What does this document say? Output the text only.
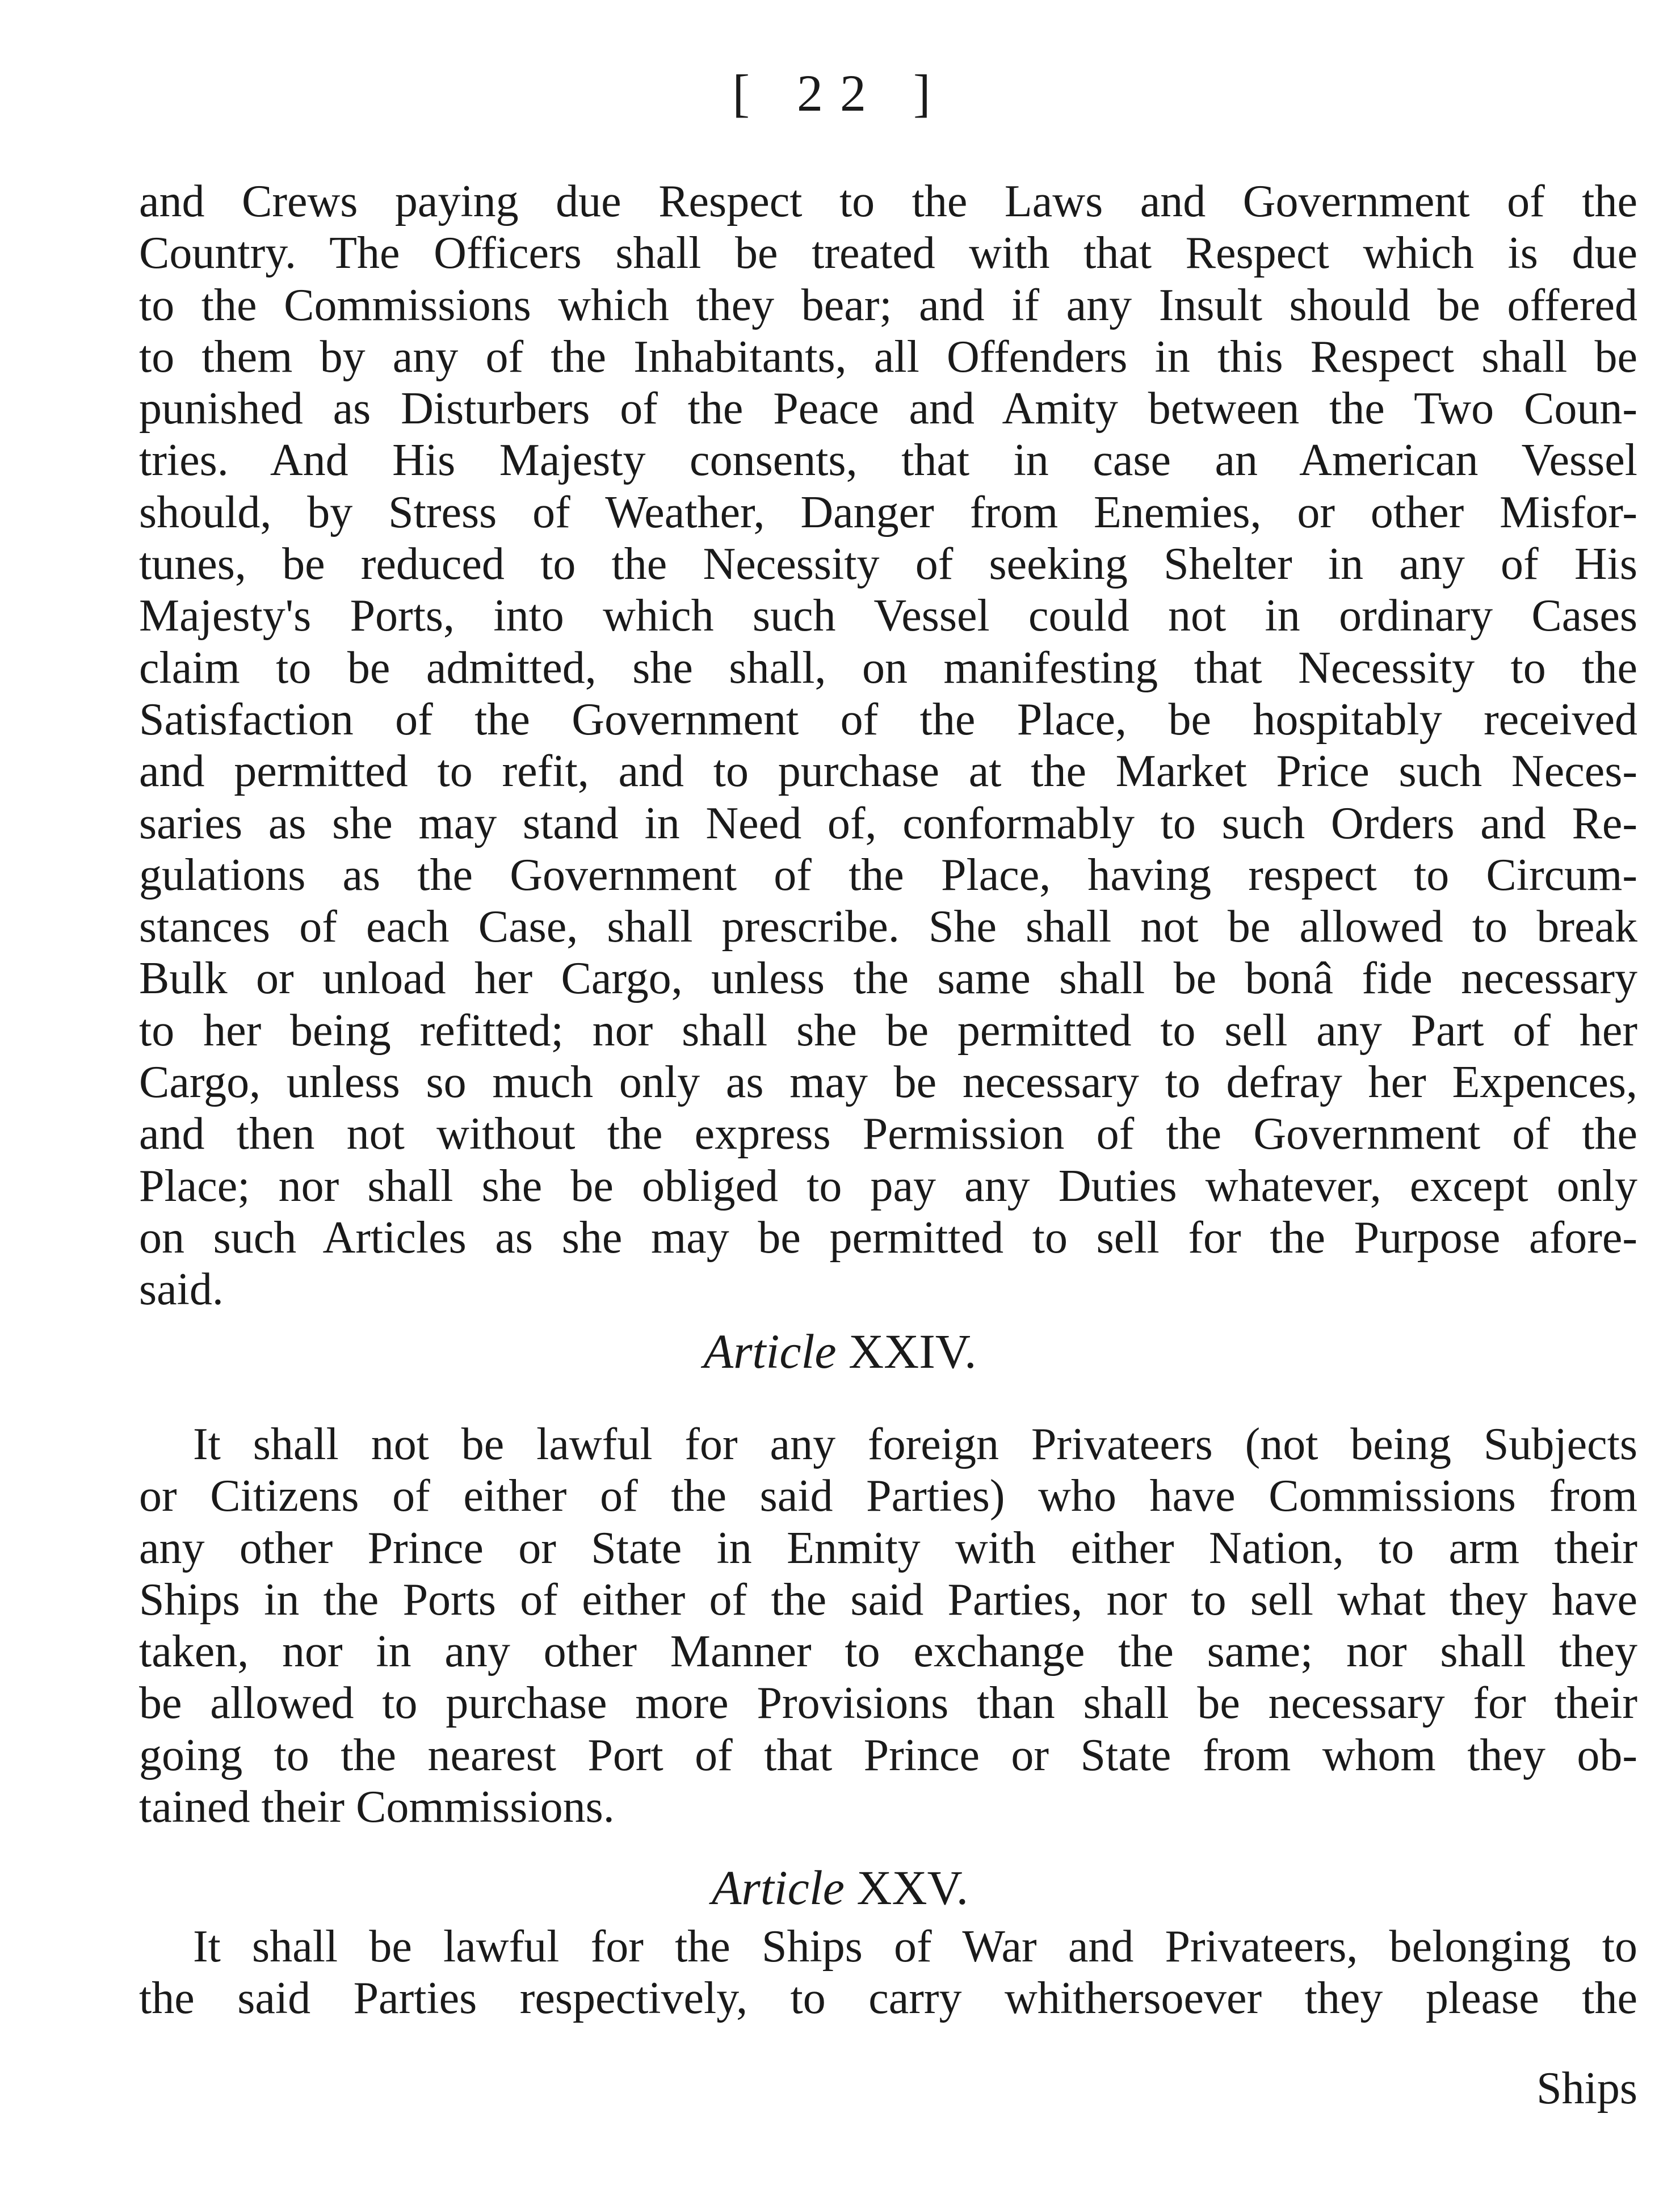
[ 22 ]

and Crews paying due Respect to the Laws and Government of the
Country. The Officers shall be treated with that Respect which is due
to the Commissions which they bear; and if any Insult should be offered
to them by any of the Inhabitants, all Offenders in this Respect shall be
punished as Disturbers of the Peace and Amity between the Two Coun-
tries. And His Majesty consents, that in case an American Vessel
should, by Stress of Weather, Danger from Enemies, or other Misfor-
tunes, be reduced to the Necessity of seeking Shelter in any of His
Majesty's Ports, into which such Vessel could not in ordinary Cases
claim to be admitted, she shall, on manifesting that Necessity to the
Satisfaction of the Government of the Place, be hospitably received
and permitted to refit, and to purchase at the Market Price such Neces-
saries as she may stand in Need of, conformably to such Orders and Re-
gulations as the Government of the Place, having respect to Circum-
stances of each Case, shall prescribe. She shall not be allowed to break
Bulk or unload her Cargo, unless the same shall be bonâ fide necessary
to her being refitted; nor shall she be permitted to sell any Part of her
Cargo, unless so much only as may be necessary to defray her Expences,
and then not without the express Permission of the Government of the
Place; nor shall she be obliged to pay any Duties whatever, except only
on such Articles as she may be permitted to sell for the Purpose afore-
said.

Article XXIV.

It shall not be lawful for any foreign Privateers (not being Subjects
or Citizens of either of the said Parties) who have Commissions from
any other Prince or State in Enmity with either Nation, to arm their
Ships in the Ports of either of the said Parties, nor to sell what they have
taken, nor in any other Manner to exchange the same; nor shall they
be allowed to purchase more Provisions than shall be necessary for their
going to the nearest Port of that Prince or State from whom they ob-
tained their Commissions.

Article XXV.

It shall be lawful for the Ships of War and Privateers, belonging to
the said Parties respectively, to carry whithersoever they please the

Ships
